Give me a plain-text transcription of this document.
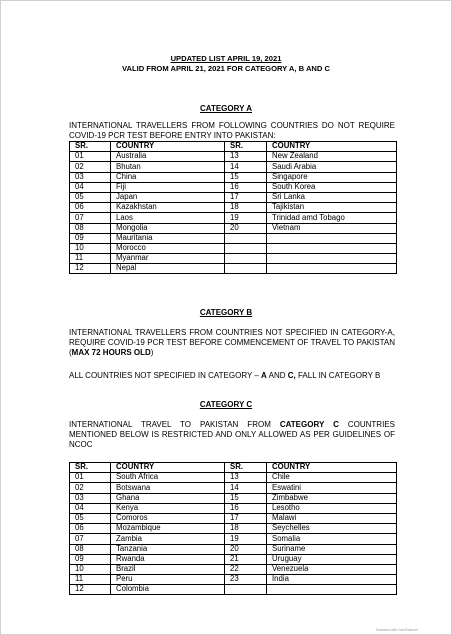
UPDATED LIST APRIL 19, 2021
VALID FROM APRIL 21, 2021 FOR CATEGORY A, B AND C
CATEGORY A
INTERNATIONAL TRAVELLERS FROM FOLLOWING COUNTRIES DO NOT REQUIRE COVID-19 PCR TEST BEFORE ENTRY INTO PAKISTAN:
SR.	COUNTRY	SR.	COUNTRY
01	Australia	13	New Zealand
02	Bhutan	14	Saudi Arabia
03	China	15	Singapore
04	Fiji	16	South Korea
05	Japan	17	Sri Lanka
06	Kazakhstan	18	Tajikistan
07	Laos	19	Trinidad amd Tobago
08	Mongolia	20	Vietnam
09	Mauritania		
10	Morocco		
11	Myanmar		
12	Nepal		
CATEGORY B
INTERNATIONAL TRAVELLERS FROM COUNTRIES NOT SPECIFIED IN CATEGORY-A, REQUIRE COVID-19 PCR TEST BEFORE COMMENCEMENT OF TRAVEL TO PAKISTAN (MAX 72 HOURS OLD)
ALL COUNTRIES NOT SPECIFIED IN CATEGORY – A AND C, FALL IN CATEGORY B
CATEGORY C
INTERNATIONAL TRAVEL TO PAKISTAN FROM CATEGORY C COUNTRIES MENTIONED BELOW IS RESTRICTED AND ONLY ALLOWED AS PER GUIDELINES OF NCOC
SR.	COUNTRY	SR.	COUNTRY
01	South Africa	13	Chile
02	Botswana	14	Eswatini
03	Ghana	15	Zimbabwe
04	Kenya	16	Lesotho
05	Comoros	17	Malawi
06	Mozambique	18	Seychelles
07	Zambia	19	Somalia
08	Tanzania	20	Suriname
09	Rwanda	21	Uruguay
10	Brazil	22	Venezuela
11	Peru	23	India
12	Colombia		
Scanned with CamScanner
